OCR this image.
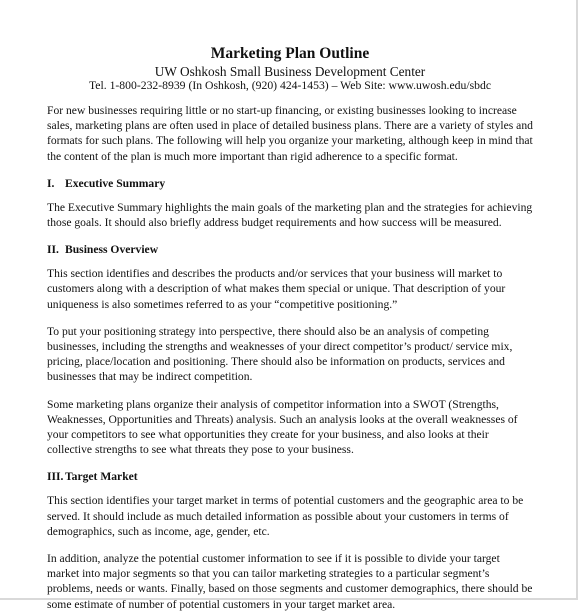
Marketing Plan Outline

UW Oshkosh Small Business Development Center

Tel. 1-800-232-8939 (In Oshkosh, (920) 424-1453) – Web Site: www.uwosh.edu/sbdc

For new businesses requiring little or no start-up financing, or existing businesses looking to increase
sales, marketing plans are often used in place of detailed business plans. There are a variety of styles and
formats for such plans. The following will help you organize your marketing, although keep in mind that
the content of the plan is much more important than rigid adherence to a specific format.
I. Executive Summary
The Executive Summary highlights the main goals of the marketing plan and the strategies for achieving
those goals. It should also briefly address budget requirements and how success will be measured.
II. Business Overview
This section identifies and describes the products and/or services that your business will market to
customers along with a description of what makes them special or unique. That description of your
uniqueness is also sometimes referred to as your “competitive positioning.”
To put your positioning strategy into perspective, there should also be an analysis of competing
businesses, including the strengths and weaknesses of your direct competitor’s product/ service mix,
pricing, place/location and positioning. There should also be information on products, services and
businesses that may be indirect competition.
Some marketing plans organize their analysis of competitor information into a SWOT (Strengths,
Weaknesses, Opportunities and Threats) analysis. Such an analysis looks at the overall weaknesses of
your competitors to see what opportunities they create for your business, and also looks at their
collective strengths to see what threats they pose to your business.
III. Target Market
This section identifies your target market in terms of potential customers and the geographic area to be
served. It should include as much detailed information as possible about your customers in terms of
demographics, such as income, age, gender, etc.
In addition, analyze the potential customer information to see if it is possible to divide your target
market into major segments so that you can tailor marketing strategies to a particular segment’s
problems, needs or wants. Finally, based on those segments and customer demographics, there should be
some estimate of number of potential customers in your target market area.
